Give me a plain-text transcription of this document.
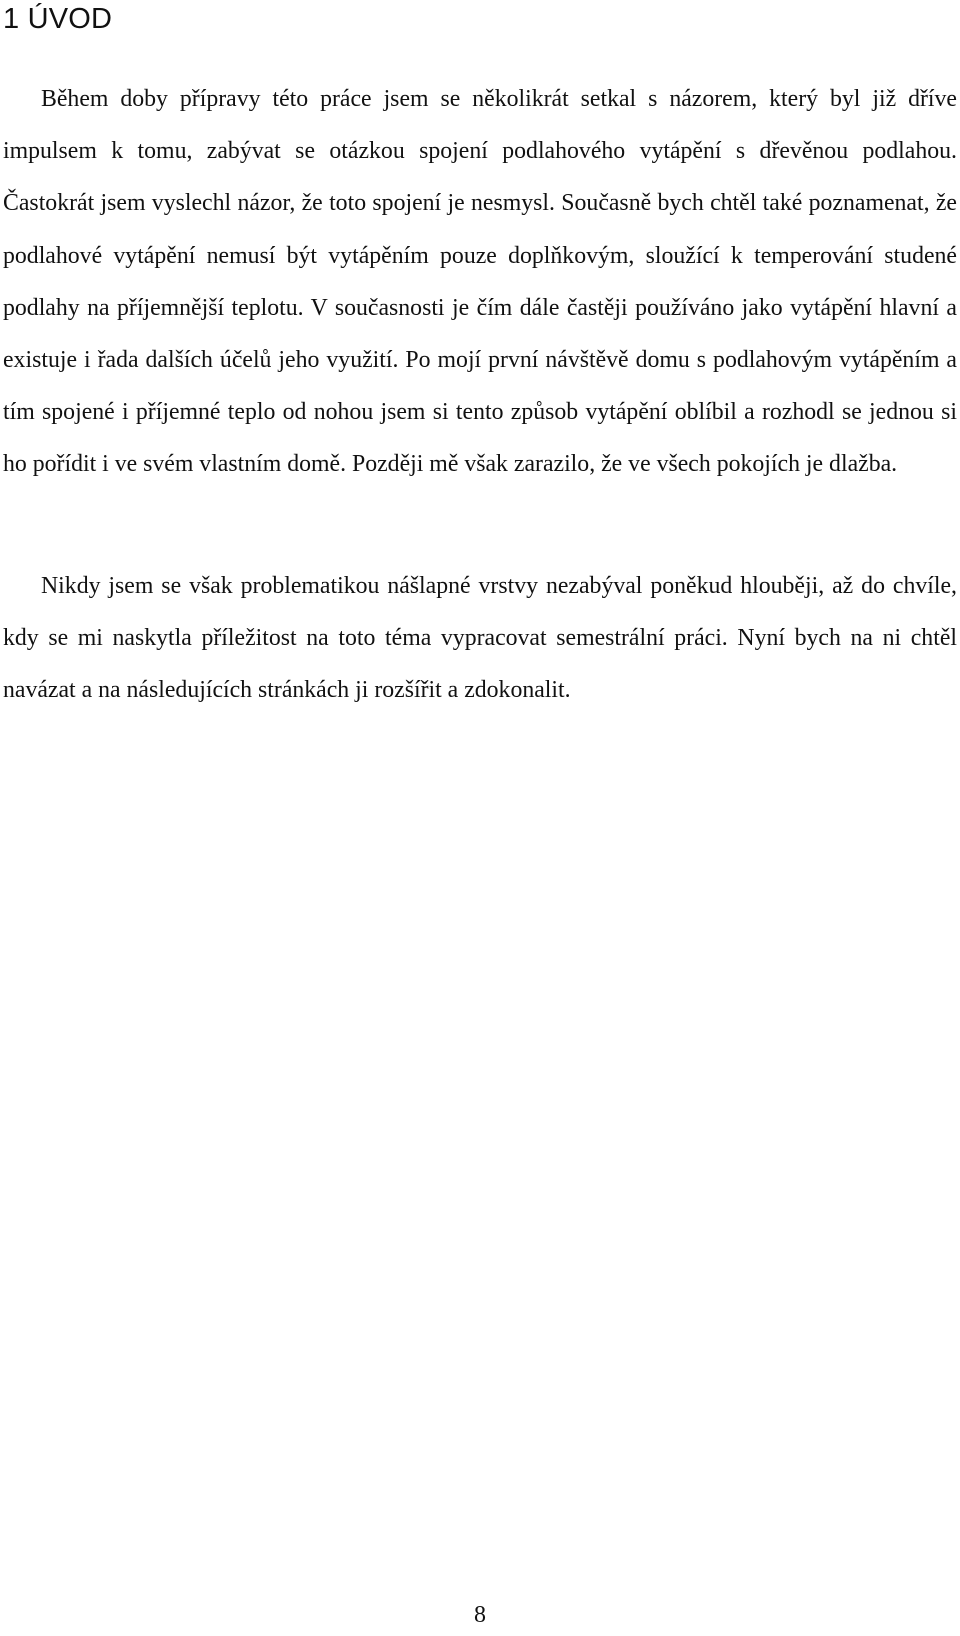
1 ÚVOD

Během doby přípravy této práce jsem se několikrát setkal s názorem, který byl již dříve impulsem k tomu, zabývat se otázkou spojení podlahového vytápění s dřevěnou podlahou. Častokrát jsem vyslechl názor, že toto spojení je nesmysl. Současně bych chtěl také poznamenat, že podlahové vytápění nemusí být vytápěním pouze doplňkovým, sloužící k temperování studené podlahy na příjemnější teplotu. V současnosti je čím dále častěji používáno jako vytápění hlavní a existuje i řada dalších účelů jeho využití. Po mojí první návštěvě domu s podlahovým vytápěním a tím spojené i příjemné teplo od nohou jsem si tento způsob vytápění oblíbil a rozhodl se jednou si ho pořídit i ve svém vlastním domě. Později mě však zarazilo, že ve všech pokojích je dlažba.

Nikdy jsem se však problematikou nášlapné vrstvy nezabýval poněkud hlouběji, až do chvíle, kdy se mi naskytla příležitost na toto téma vypracovat semestrální práci. Nyní bych na ni chtěl navázat a na následujících stránkách ji rozšířit a zdokonalit.

8
